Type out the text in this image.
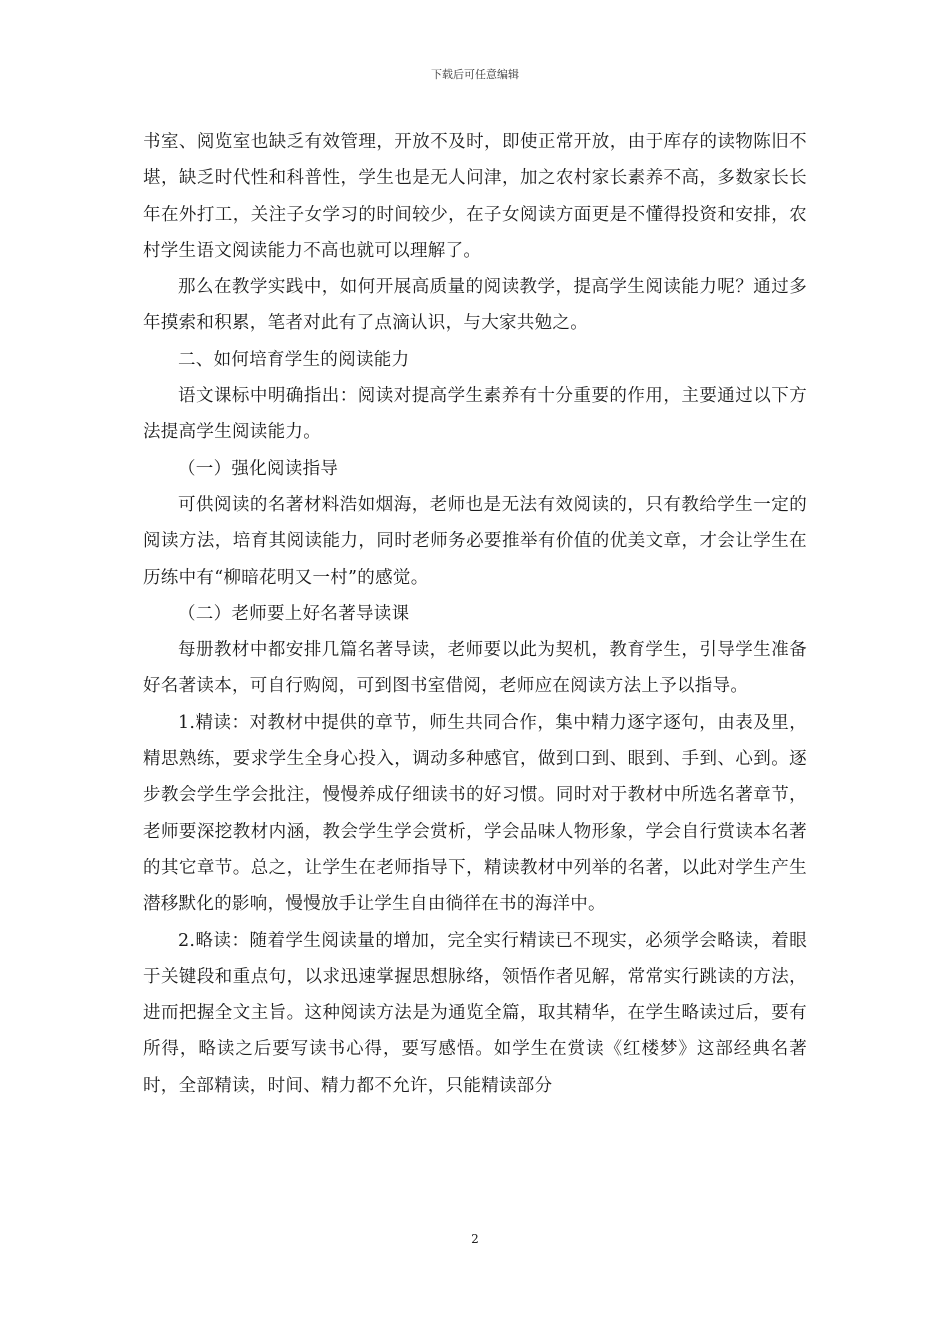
下载后可任意编辑

书室、阅览室也缺乏有效管理，开放不及时，即使正常开放，由于库存的读物陈旧不堪，缺乏时代性和科普性，学生也是无人问津，加之农村家长素养不高，多数家长长年在外打工，关注子女学习的时间较少，在子女阅读方面更是不懂得投资和安排，农村学生语文阅读能力不高也就可以理解了。

那么在教学实践中，如何开展高质量的阅读教学，提高学生阅读能力呢？通过多年摸索和积累，笔者对此有了点滴认识，与大家共勉之。

二、如何培育学生的阅读能力

语文课标中明确指出：阅读对提高学生素养有十分重要的作用，主要通过以下方法提高学生阅读能力。

（一）强化阅读指导

可供阅读的名著材料浩如烟海，老师也是无法有效阅读的，只有教给学生一定的阅读方法，培育其阅读能力，同时老师务必要推举有价值的优美文章，才会让学生在历练中有“柳暗花明又一村”的感觉。

（二）老师要上好名著导读课

每册教材中都安排几篇名著导读，老师要以此为契机，教育学生，引导学生准备好名著读本，可自行购阅，可到图书室借阅，老师应在阅读方法上予以指导。

1.精读：对教材中提供的章节，师生共同合作，集中精力逐字逐句，由表及里，精思熟练，要求学生全身心投入，调动多种感官，做到口到、眼到、手到、心到。逐步教会学生学会批注，慢慢养成仔细读书的好习惯。同时对于教材中所选名著章节，老师要深挖教材内涵，教会学生学会赏析，学会品味人物形象，学会自行赏读本名著的其它章节。总之，让学生在老师指导下，精读教材中列举的名著，以此对学生产生潜移默化的影响，慢慢放手让学生自由徜徉在书的海洋中。

2.略读：随着学生阅读量的增加，完全实行精读已不现实，必须学会略读，着眼于关键段和重点句，以求迅速掌握思想脉络，领悟作者见解，常常实行跳读的方法，进而把握全文主旨。这种阅读方法是为通览全篇，取其精华，在学生略读过后，要有所得，略读之后要写读书心得，要写感悟。如学生在赏读《红楼梦》这部经典名著时，全部精读，时间、精力都不允许，只能精读部分

2
